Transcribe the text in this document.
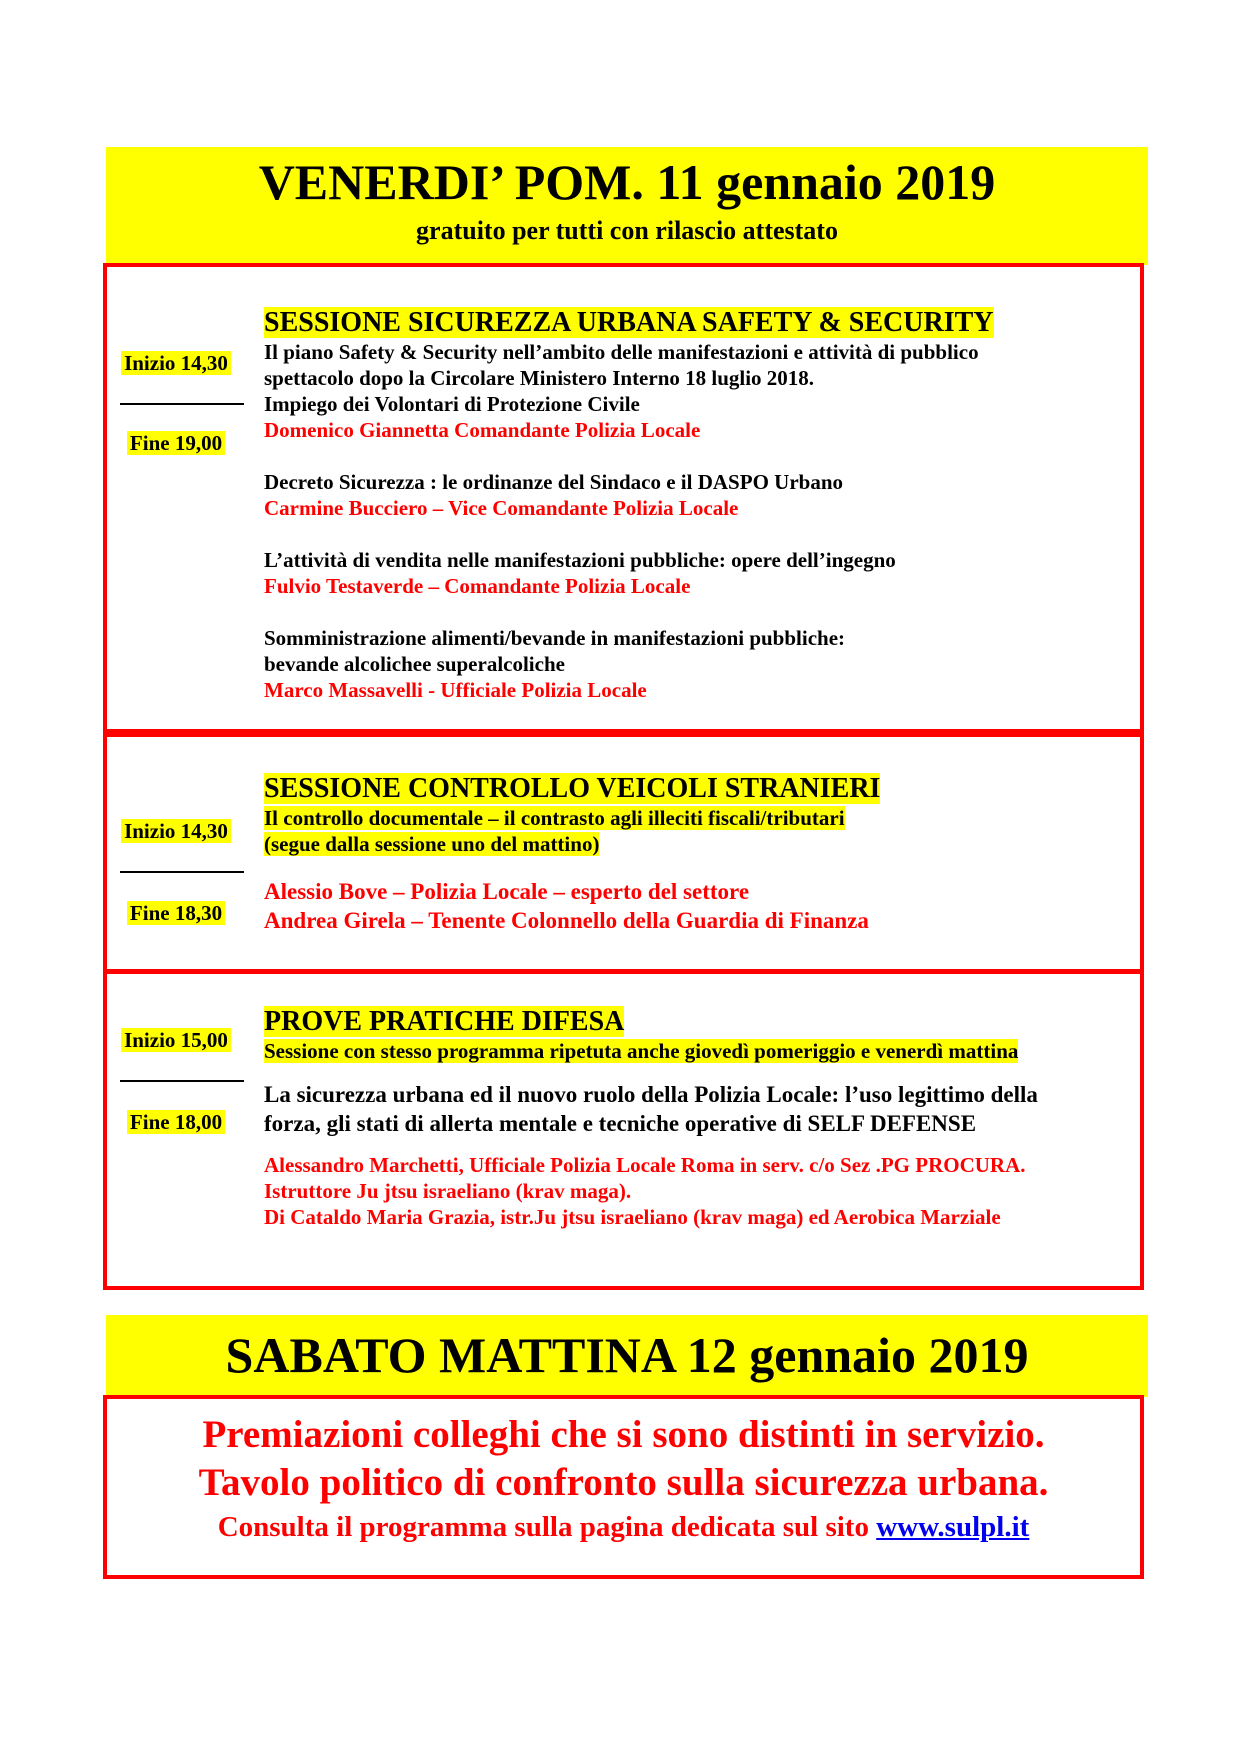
VENERDI’ POM. 11 gennaio 2019
gratuito per tutti con rilascio attestato
Inizio 14,30
Fine 19,00
SESSIONE SICUREZZA URBANA SAFETY & SECURITY
Il piano Safety & Security nell’ambito delle manifestazioni e attività di pubblico
spettacolo dopo la Circolare Ministero Interno 18 luglio 2018.
Impiego dei Volontari di Protezione Civile
Domenico Giannetta Comandante Polizia Locale
Decreto Sicurezza : le ordinanze del Sindaco e il DASPO Urbano
Carmine Bucciero – Vice Comandante Polizia Locale
L’attività di vendita nelle manifestazioni pubbliche: opere dell’ingegno
Fulvio Testaverde – Comandante Polizia Locale
Somministrazione alimenti/bevande in manifestazioni pubbliche:
bevande alcolichee superalcoliche
Marco Massavelli - Ufficiale Polizia Locale
Inizio 14,30
Fine 18,30
SESSIONE CONTROLLO VEICOLI STRANIERI
Il controllo documentale – il contrasto agli illeciti fiscali/tributari
(segue dalla sessione uno del mattino)
Alessio Bove – Polizia Locale – esperto del settore
Andrea Girela – Tenente Colonnello della Guardia di Finanza
Inizio 15,00
Fine 18,00
PROVE PRATICHE DIFESA
Sessione con stesso programma ripetuta anche giovedì pomeriggio e venerdì mattina
La sicurezza urbana ed il nuovo ruolo della Polizia Locale: l’uso legittimo della
forza, gli stati di allerta mentale e tecniche operative di SELF DEFENSE
Alessandro Marchetti, Ufficiale Polizia Locale Roma in serv. c/o Sez .PG PROCURA.
Istruttore Ju jtsu israeliano (krav maga).
Di Cataldo Maria Grazia, istr.Ju jtsu israeliano (krav maga) ed Aerobica Marziale
SABATO MATTINA 12 gennaio 2019
Premiazioni colleghi che si sono distinti in servizio.
Tavolo politico di confronto sulla sicurezza urbana.
Consulta il programma sulla pagina dedicata sul sito www.sulpl.it
